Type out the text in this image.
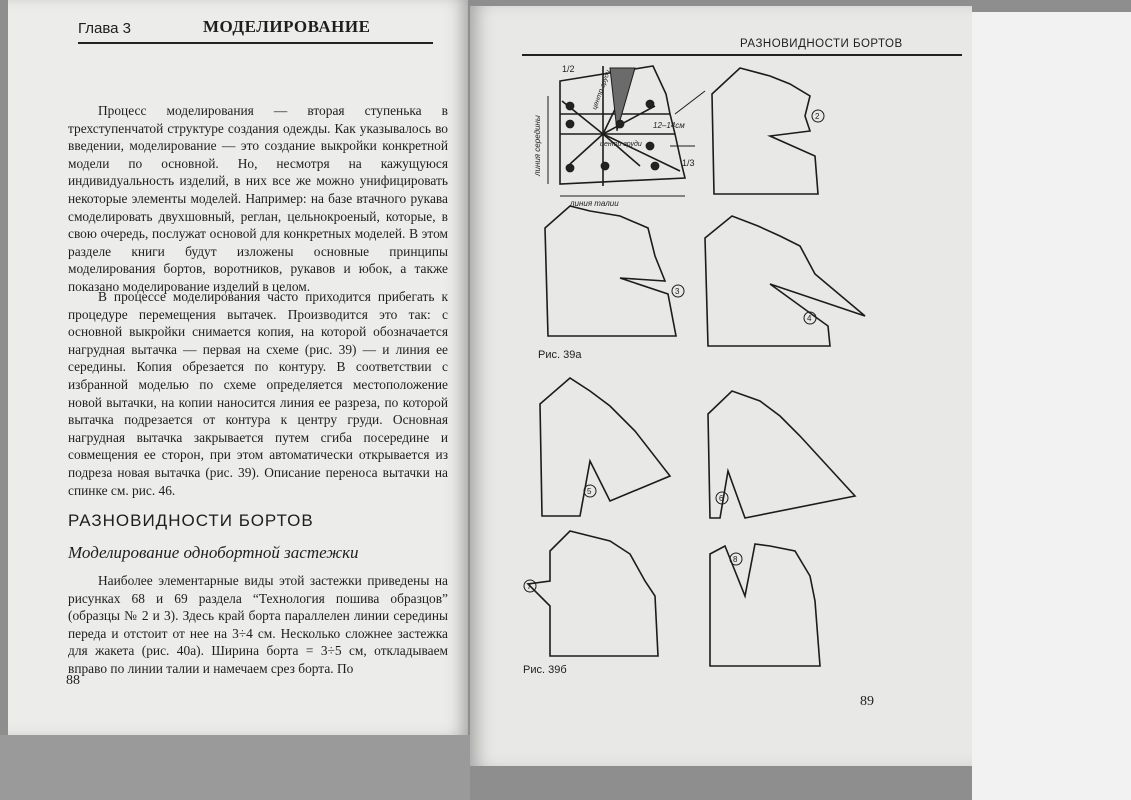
Глава 3	МОДЕЛИРОВАНИЕ

Процесс моделирования — вторая ступенька в трехступенчатой структуре создания одежды. Как указывалось во введении, моделирование — это создание выкройки конкретной модели по основной. Но, несмотря на кажущуюся индивидуальность изделий, в них все же можно унифицировать некоторые элементы моделей. Например: на базе втачного рукава смоделировать двухшовный, реглан, цельнокроеный, которые, в свою очередь, послужат основой для конкретных моделей. В этом разделе книги будут изложены основные принципы моделирования бортов, воротников, рукавов и юбок, а также показано моделирование изделий в целом.

В процессе моделирования часто приходится прибегать к процедуре перемещения вытачек. Производится это так: с основной выкройки снимается копия, на которой обозначается нагрудная вытачка — первая на схеме (рис. 39) — и линия ее середины. Копия обрезается по контуру. В соответствии с избранной моделью по схеме определяется местоположение новой вытачки, на копии наносится линия ее разреза, по которой вытачка подрезается от контура к центру груди. Основная нагрудная вытачка закрывается путем сгиба посередине и совмещения ее сторон, при этом автоматически открывается из подреза новая вытачка (рис. 39). Описание переноса вытачки на спинке см. рис. 46.

РАЗНОВИДНОСТИ БОРТОВ
Моделирование однобортной застежки

Наиболее элементарные виды этой застежки приведены на рисунках 68 и 69 раздела “Технология пошива образцов” (образцы № 2 и 3). Здесь край борта параллелен линии середины переда и отстоит от нее на 3÷4 см. Несколько сложнее застежка для жакета (рис. 40а). Ширина борта = 3÷5 см, откладываем вправо по линии талии и намечаем срез борта. По

88
РАЗНОВИДНОСТИ БОРТОВ
1/2
1/3
12–14см
линия талии
центр груди
линия середины
центр груди
2
3
4
5
6
7
8
1
Рис. 39а
Рис. 39б
89
